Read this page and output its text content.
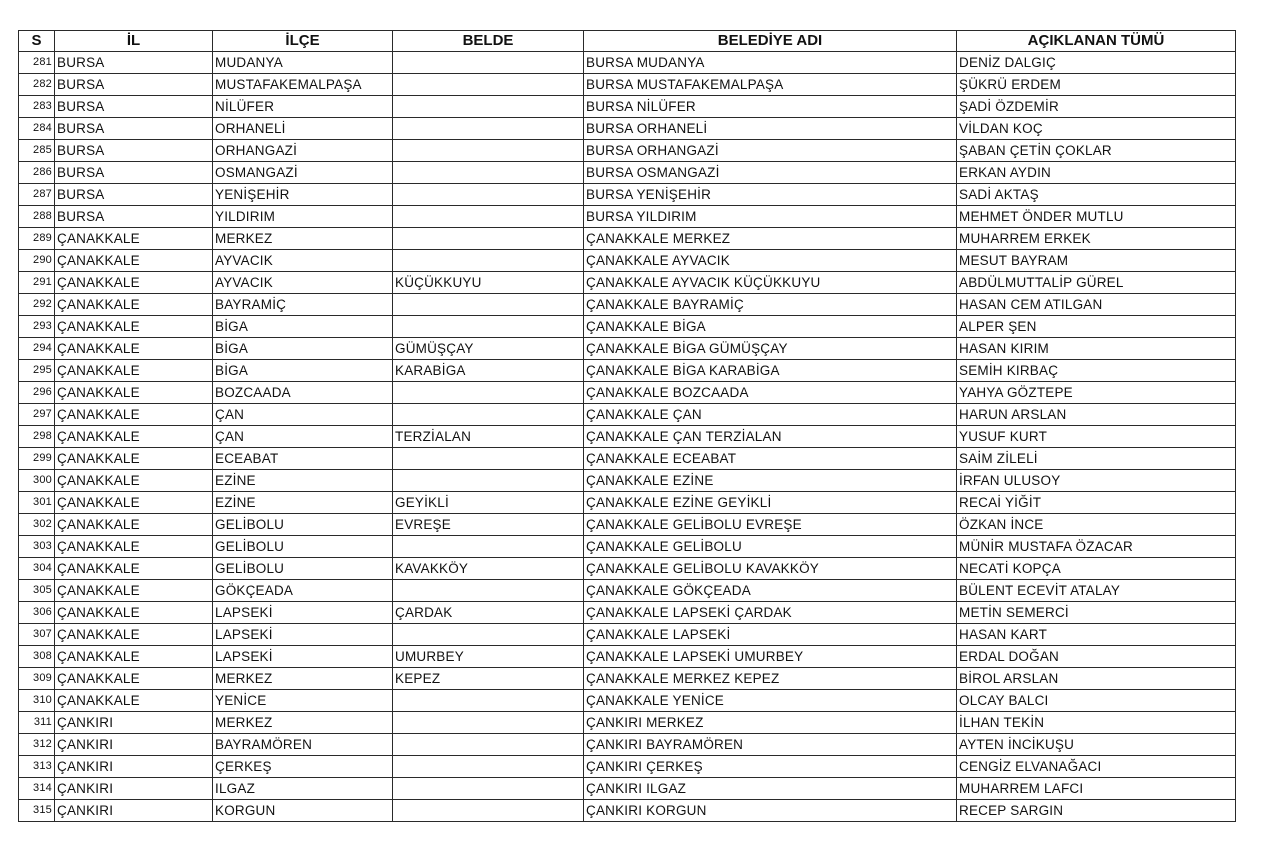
S	İL	İLÇE	BELDE	BELEDİYE ADI	AÇIKLANAN TÜMÜ
281	BURSA	MUDANYA		BURSA MUDANYA	DENİZ DALGIÇ
282	BURSA	MUSTAFAKEMALPAŞA		BURSA MUSTAFAKEMALPAŞA	ŞÜKRÜ ERDEM
283	BURSA	NİLÜFER		BURSA NİLÜFER	ŞADİ ÖZDEMİR
284	BURSA	ORHANELİ		BURSA ORHANELİ	VİLDAN KOÇ
285	BURSA	ORHANGAZİ		BURSA ORHANGAZİ	ŞABAN ÇETİN ÇOKLAR
286	BURSA	OSMANGAZİ		BURSA OSMANGAZİ	ERKAN AYDIN
287	BURSA	YENİŞEHİR		BURSA YENİŞEHİR	SADİ AKTAŞ
288	BURSA	YILDIRIM		BURSA YILDIRIM	MEHMET ÖNDER MUTLU
289	ÇANAKKALE	MERKEZ		ÇANAKKALE MERKEZ	MUHARREM ERKEK
290	ÇANAKKALE	AYVACIK		ÇANAKKALE AYVACIK	MESUT BAYRAM
291	ÇANAKKALE	AYVACIK	KÜÇÜKKUYU	ÇANAKKALE AYVACIK KÜÇÜKKUYU	ABDÜLMUTTALİP GÜREL
292	ÇANAKKALE	BAYRAMİÇ		ÇANAKKALE BAYRAMİÇ	HASAN CEM ATILGAN
293	ÇANAKKALE	BİGA		ÇANAKKALE BİGA	ALPER ŞEN
294	ÇANAKKALE	BİGA	GÜMÜŞÇAY	ÇANAKKALE BİGA GÜMÜŞÇAY	HASAN KIRIM
295	ÇANAKKALE	BİGA	KARABİGA	ÇANAKKALE BİGA KARABİGA	SEMİH KIRBAÇ
296	ÇANAKKALE	BOZCAADA		ÇANAKKALE BOZCAADA	YAHYA GÖZTEPE
297	ÇANAKKALE	ÇAN		ÇANAKKALE ÇAN	HARUN ARSLAN
298	ÇANAKKALE	ÇAN	TERZİALAN	ÇANAKKALE ÇAN TERZİALAN	YUSUF KURT
299	ÇANAKKALE	ECEABAT		ÇANAKKALE ECEABAT	SAİM ZİLELİ
300	ÇANAKKALE	EZİNE		ÇANAKKALE EZİNE	İRFAN ULUSOY
301	ÇANAKKALE	EZİNE	GEYİKLİ	ÇANAKKALE EZİNE GEYİKLİ	RECAİ YİĞİT
302	ÇANAKKALE	GELİBOLU	EVREŞE	ÇANAKKALE GELİBOLU EVREŞE	ÖZKAN İNCE
303	ÇANAKKALE	GELİBOLU		ÇANAKKALE GELİBOLU	MÜNİR MUSTAFA ÖZACAR
304	ÇANAKKALE	GELİBOLU	KAVAKKÖY	ÇANAKKALE GELİBOLU KAVAKKÖY	NECATİ KOPÇA
305	ÇANAKKALE	GÖKÇEADA		ÇANAKKALE GÖKÇEADA	BÜLENT ECEVİT ATALAY
306	ÇANAKKALE	LAPSEKİ	ÇARDAK	ÇANAKKALE LAPSEKİ ÇARDAK	METİN SEMERCİ
307	ÇANAKKALE	LAPSEKİ		ÇANAKKALE LAPSEKİ	HASAN KART
308	ÇANAKKALE	LAPSEKİ	UMURBEY	ÇANAKKALE LAPSEKİ UMURBEY	ERDAL DOĞAN
309	ÇANAKKALE	MERKEZ	KEPEZ	ÇANAKKALE MERKEZ KEPEZ	BİROL ARSLAN
310	ÇANAKKALE	YENİCE		ÇANAKKALE YENİCE	OLCAY BALCI
311	ÇANKIRI	MERKEZ		ÇANKIRI MERKEZ	İLHAN TEKİN
312	ÇANKIRI	BAYRAMÖREN		ÇANKIRI BAYRAMÖREN	AYTEN İNCİKUŞU
313	ÇANKIRI	ÇERKEŞ		ÇANKIRI ÇERKEŞ	CENGİZ ELVANAĞACI
314	ÇANKIRI	ILGAZ		ÇANKIRI ILGAZ	MUHARREM LAFCI
315	ÇANKIRI	KORGUN		ÇANKIRI KORGUN	RECEP SARGIN
